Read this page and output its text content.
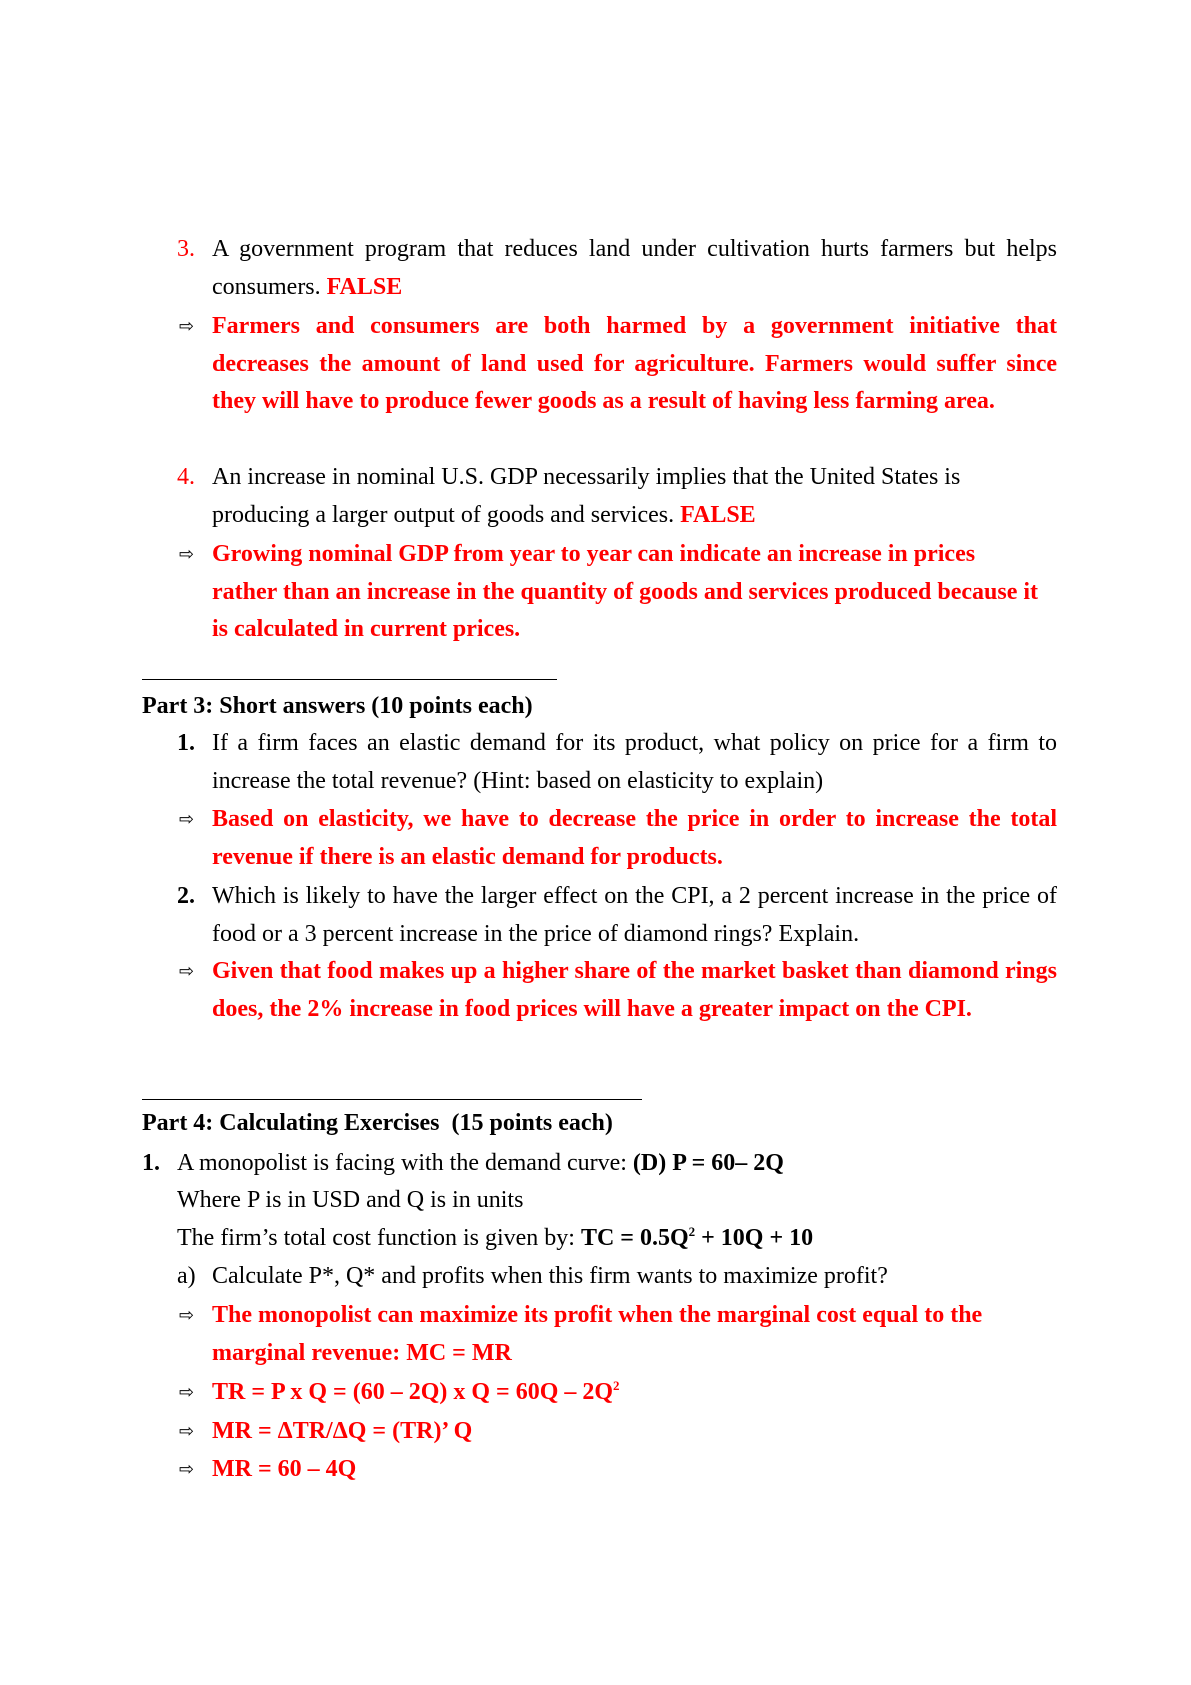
3. A government program that reduces land under cultivation hurts farmers but helps consumers. FALSE
⇨ Farmers and consumers are both harmed by a government initiative that decreases the amount of land used for agriculture. Farmers would suffer since they will have to produce fewer goods as a result of having less farming area.
4. An increase in nominal U.S. GDP necessarily implies that the United States is producing a larger output of goods and services. FALSE
⇨ Growing nominal GDP from year to year can indicate an increase in prices rather than an increase in the quantity of goods and services produced because it is calculated in current prices.
Part 3: Short answers (10 points each)
1. If a firm faces an elastic demand for its product, what policy on price for a firm to increase the total revenue? (Hint: based on elasticity to explain)
⇨ Based on elasticity, we have to decrease the price in order to increase the total revenue if there is an elastic demand for products.
2. Which is likely to have the larger effect on the CPI, a 2 percent increase in the price of food or a 3 percent increase in the price of diamond rings? Explain.
⇨ Given that food makes up a higher share of the market basket than diamond rings does, the 2% increase in food prices will have a greater impact on the CPI.
Part 4: Calculating Exercises  (15 points each)
1. A monopolist is facing with the demand curve: (D) P = 60– 2Q
Where P is in USD and Q is in units
The firm’s total cost function is given by: TC = $0.5Q^2 + 10Q + 10$
a) Calculate P*, Q* and profits when this firm wants to maximize profit?
⇨ The monopolist can maximize its profit when the marginal cost equal to the marginal revenue: MC = MR
⇨ TR = P x Q = (60 – 2Q) x $Q = 60Q - 2Q^2$
⇨ MR = ΔTR/ΔQ = (TR)’ Q
⇨ MR = 60 – 4Q
